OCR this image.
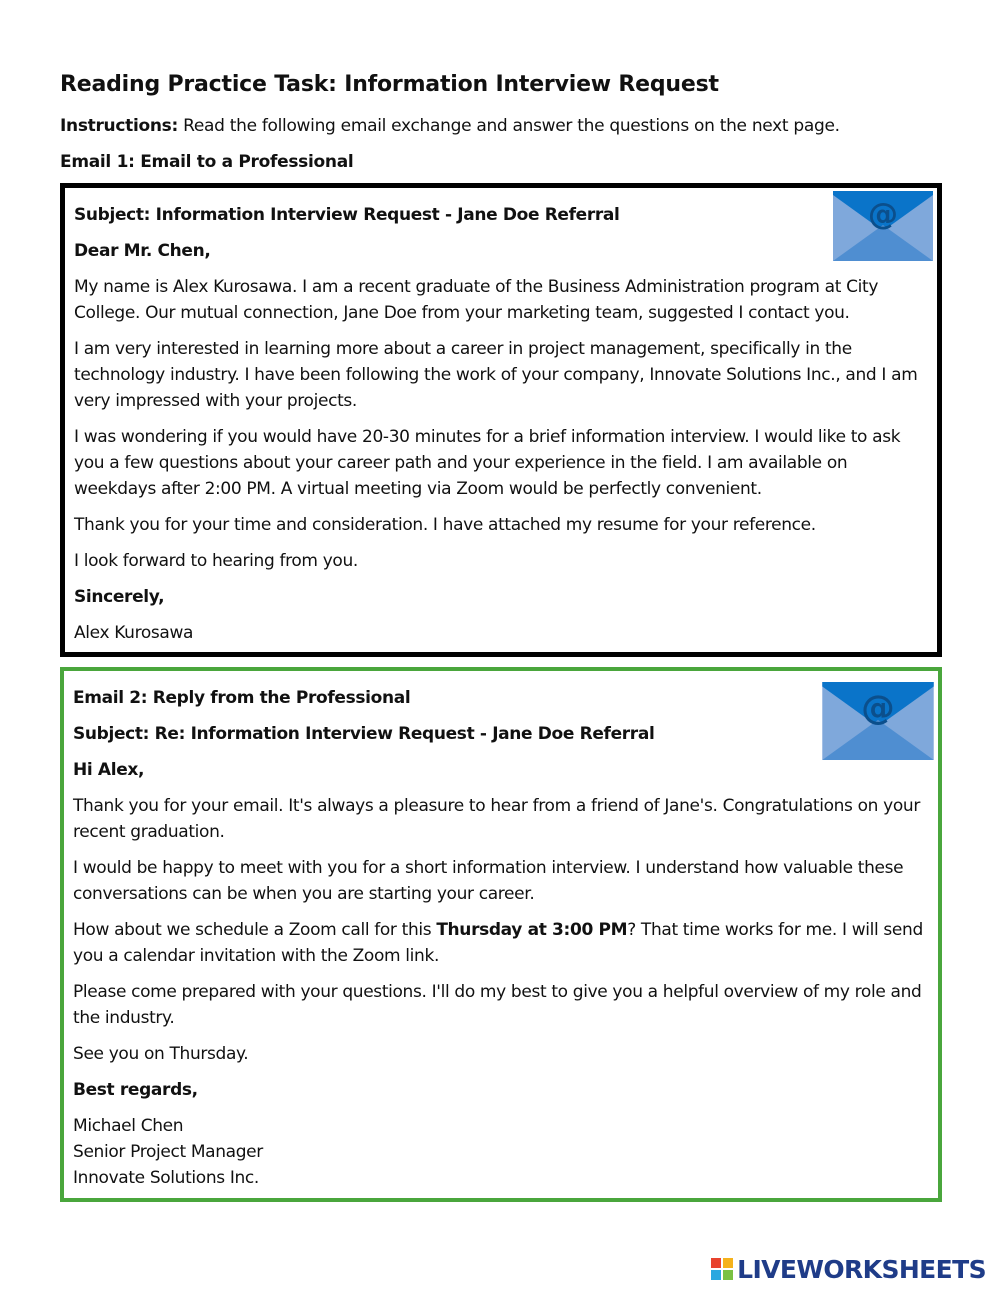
Reading Practice Task: Information Interview Request

Instructions: Read the following email exchange and answer the questions on the next page.

Email 1: Email to a Professional

@

Subject: Information Interview Request - Jane Doe Referral

Dear Mr. Chen,

My name is Alex Kurosawa. I am a recent graduate of the Business Administration program at City College. Our mutual connection, Jane Doe from your marketing team, suggested I contact you.

I am very interested in learning more about a career in project management, specifically in the technology industry. I have been following the work of your company, Innovate Solutions Inc., and I am very impressed with your projects.

I was wondering if you would have 20-30 minutes for a brief information interview. I would like to ask you a few questions about your career path and your experience in the field. I am available on weekdays after 2:00 PM. A virtual meeting via Zoom would be perfectly convenient.

Thank you for your time and consideration. I have attached my resume for your reference.

I look forward to hearing from you.

Sincerely,

Alex Kurosawa

@

Email 2: Reply from the Professional

Subject: Re: Information Interview Request - Jane Doe Referral

Hi Alex,

Thank you for your email. It's always a pleasure to hear from a friend of Jane's. Congratulations on your recent graduation.

I would be happy to meet with you for a short information interview. I understand how valuable these conversations can be when you are starting your career.

How about we schedule a Zoom call for this Thursday at 3:00 PM? That time works for me. I will send you a calendar invitation with the Zoom link.

Please come prepared with your questions. I'll do my best to give you a helpful overview of my role and the industry.

See you on Thursday.

Best regards,

Michael Chen
Senior Project Manager
Innovate Solutions Inc.

LIVEWORKSHEETS
